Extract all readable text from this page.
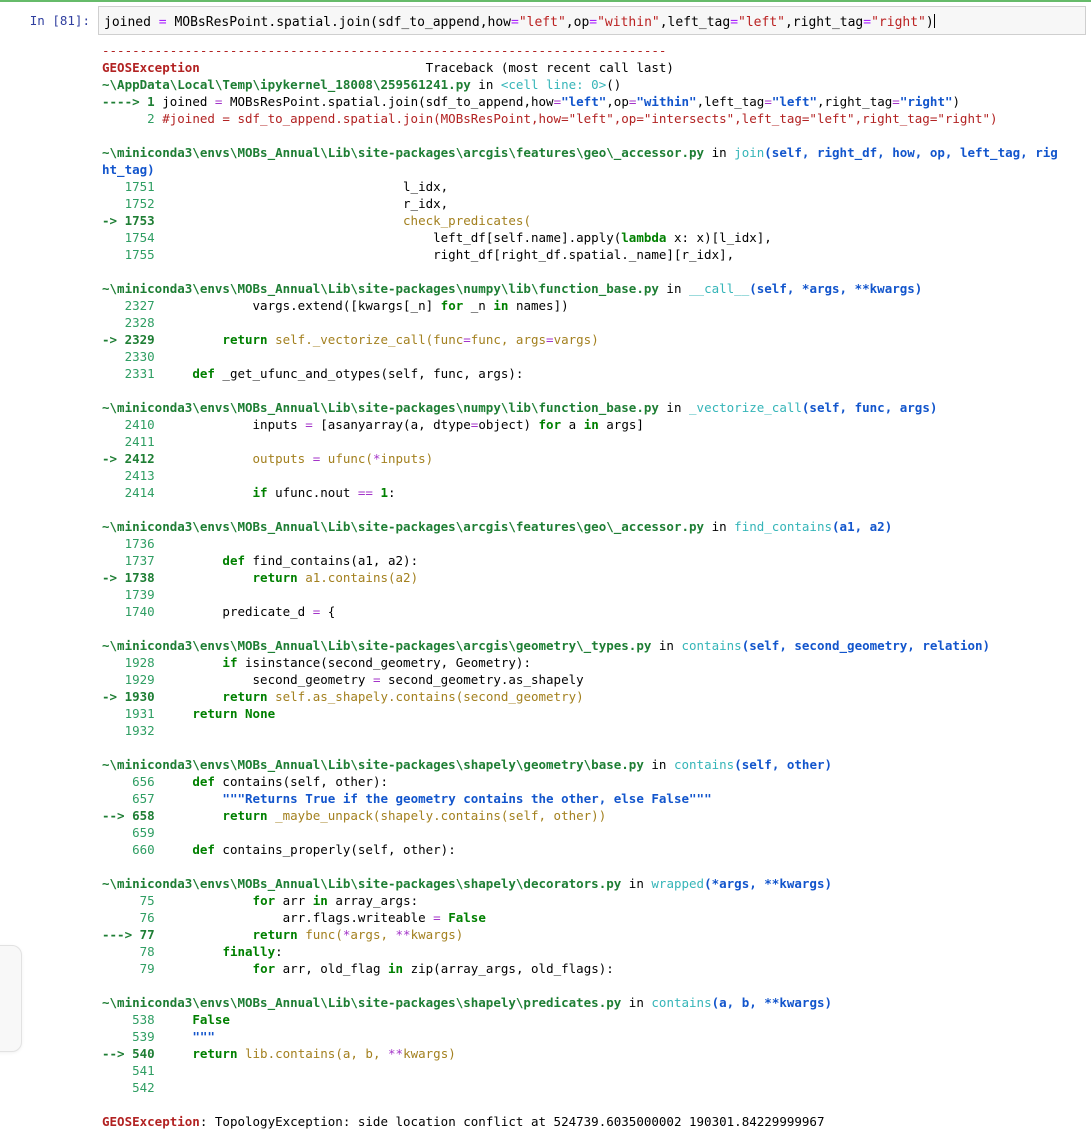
In [81]:	joined = MOBsResPoint.spatial.join(sdf_to_append,how="left",op="within",left_tag="left",right_tag="right")
---------------------------------------------------------------------------
GEOSException                              Traceback (most recent call last)
~\AppData\Local\Temp\ipykernel_18008\259561241.py in <cell line: 0>()
----> 1 joined = MOBsResPoint.spatial.join(sdf_to_append,how="left",op="within",left_tag="left",right_tag="right")
2 #joined = sdf_to_append.spatial.join(MOBsResPoint,how="left",op="intersects",left_tag="left",right_tag="right")

~\miniconda3\envs\MOBs_Annual\Lib\site-packages\arcgis\features\geo\_accessor.py in join(self, right_df, how, op, left_tag, right_tag)
1751                                 l_idx,
1752                                 r_idx,
-> 1753                                 check_predicates(
1754                                     left_df[self.name].apply(lambda x: x)[l_idx],
1755                                     right_df[right_df.spatial._name][r_idx],

~\miniconda3\envs\MOBs_Annual\Lib\site-packages\numpy\lib\function_base.py in __call__(self, *args, **kwargs)
2327             vargs.extend([kwargs[_n] for _n in names])
2328
-> 2329	return self._vectorize_call(func=func, args=vargs)
2330
2331	def _get_ufunc_and_otypes(self, func, args):

~\miniconda3\envs\MOBs_Annual\Lib\site-packages\numpy\lib\function_base.py in _vectorize_call(self, func, args)
2410             inputs = [asanyarray(a, dtype=object) for a in args]
2411
-> 2412             outputs = ufunc(*inputs)
2413
2414	if ufunc.nout == 1:

~\miniconda3\envs\MOBs_Annual\Lib\site-packages\arcgis\features\geo\_accessor.py in find_contains(a1, a2)
1736
1737	def find_contains(a1, a2):
-> 1738	return a1.contains(a2)
1739
1740         predicate_d = {

~\miniconda3\envs\MOBs_Annual\Lib\site-packages\arcgis\geometry\_types.py in contains(self, second_geometry, relation)
1928	if isinstance(second_geometry, Geometry):
1929             second_geometry = second_geometry.as_shapely
-> 1930	return self.as_shapely.contains(second_geometry)
1931	return None
1932

~\miniconda3\envs\MOBs_Annual\Lib\site-packages\shapely\geometry\base.py in contains(self, other)
656	def contains(self, other):
657	"""Returns True if the geometry contains the other, else False"""
--> 658	return _maybe_unpack(shapely.contains(self, other))
659
660	def contains_properly(self, other):

~\miniconda3\envs\MOBs_Annual\Lib\site-packages\shapely\decorators.py in wrapped(*args, **kwargs)
75	for arr in array_args:
76                 arr.flags.writeable = False
---> 77	return func(*args, **kwargs)
78	finally:
79	for arr, old_flag in zip(array_args, old_flags):

~\miniconda3\envs\MOBs_Annual\Lib\site-packages\shapely\predicates.py in contains(a, b, **kwargs)
538	False
539	"""
--> 540	return lib.contains(a, b, **kwargs)
541
542

GEOSException: TopologyException: side location conflict at 524739.6035000002 190301.84229999967
